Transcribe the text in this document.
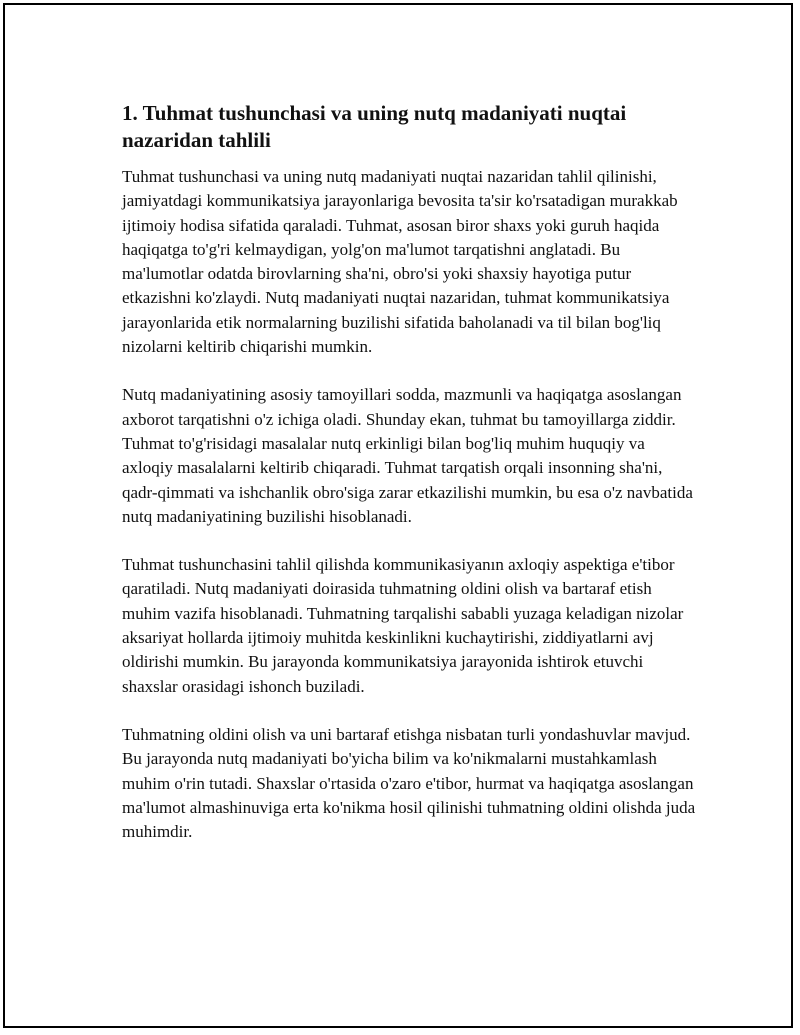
1. Tuhmat tushunchasi va uning nutq madaniyati nuqtai nazaridan tahlili

Tuhmat tushunchasi va uning nutq madaniyati nuqtai nazaridan tahlil qilinishi, jamiyatdagi kommunikatsiya jarayonlariga bevosita ta'sir ko'rsatadigan murakkab ijtimoiy hodisa sifatida qaraladi. Tuhmat, asosan biror shaxs yoki guruh haqida haqiqatga to'g'ri kelmaydigan, yolg'on ma'lumot tarqatishni anglatadi. Bu ma'lumotlar odatda birovlarning sha'ni, obro'si yoki shaxsiy hayotiga putur etkazishni ko'zlaydi. Nutq madaniyati nuqtai nazaridan, tuhmat kommunikatsiya jarayonlarida etik normalarning buzilishi sifatida baholanadi va til bilan bog'liq nizolarni keltirib chiqarishi mumkin.

Nutq madaniyatining asosiy tamoyillari sodda, mazmunli va haqiqatga asoslangan axborot tarqatishni o'z ichiga oladi. Shunday ekan, tuhmat bu tamoyillarga ziddir. Tuhmat to'g'risidagi masalalar nutq erkinligi bilan bog'liq muhim huquqiy va axloqiy masalalarni keltirib chiqaradi. Tuhmat tarqatish orqali insonning sha'ni, qadr-qimmati va ishchanlik obro'siga zarar etkazilishi mumkin, bu esa o'z navbatida nutq madaniyatining buzilishi hisoblanadi.

Tuhmat tushunchasini tahlil qilishda kommunikasiyanın axloqiy aspektiga e'tibor qaratiladi. Nutq madaniyati doirasida tuhmatning oldini olish va bartaraf etish muhim vazifa hisoblanadi. Tuhmatning tarqalishi sababli yuzaga keladigan nizolar aksariyat hollarda ijtimoiy muhitda keskinlikni kuchaytirishi, ziddiyatlarni avj oldirishi mumkin. Bu jarayonda kommunikatsiya jarayonida ishtirok etuvchi shaxslar orasidagi ishonch buziladi.

Tuhmatning oldini olish va uni bartaraf etishga nisbatan turli yondashuvlar mavjud. Bu jarayonda nutq madaniyati bo'yicha bilim va ko'nikmalarni mustahkamlash muhim o'rin tutadi. Shaxslar o'rtasida o'zaro e'tibor, hurmat va haqiqatga asoslangan ma'lumot almashinuviga erta ko'nikma hosil qilinishi tuhmatning oldini olishda juda muhimdir.
